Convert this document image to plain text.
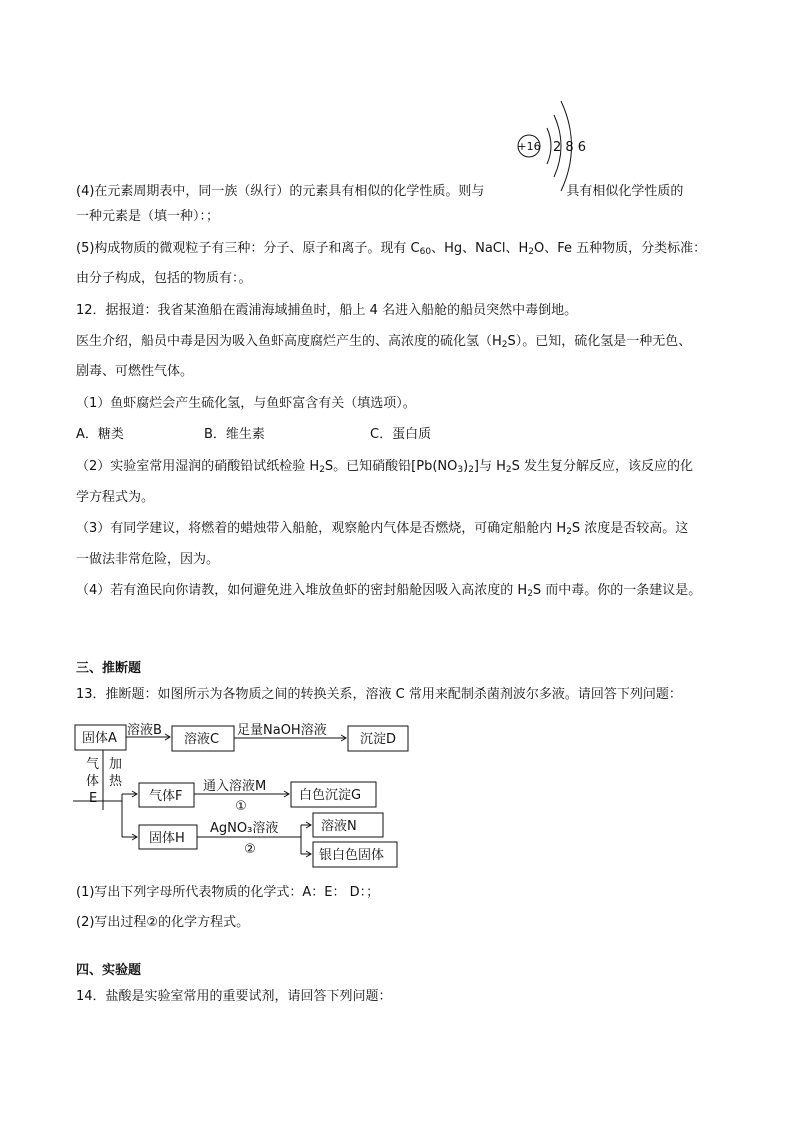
+16 2 8 6
(4)在元素周期表中，同一族（纵行）的元素具有相似的化学性质。则与	具有相似化学性质的
一种元素是（填一种）：；
(5)构成物质的微观粒子有三种：分子、原子和离子。现有 $C_{60}$、Hg、NaCl、$H_2O$、Fe 五种物质，分类标准：
由分子构成，包括的物质有：。
12．据报道：我省某渔船在霞浦海域捕鱼时，船上 4 名进入船舱的船员突然中毒倒地。
医生介绍，船员中毒是因为吸入鱼虾高度腐烂产生的、高浓度的硫化氢$(H_2S)$。已知，硫化氢是一种无色、
剧毒、可燃性气体。
（1）鱼虾腐烂会产生硫化氢，与鱼虾富含有关（填选项）。
A．糖类	B．维生素	C．蛋白质
（2）实验室常用湿润的硝酸铅试纸检验 $H_2S$。已知硝酸铅$[Pb(NO_3)_2]$与 $H_2S$ 发生复分解反应，该反应的化
学方程式为。
（3）有同学建议，将燃着的蜡烛带入船舱，观察舱内气体是否燃烧，可确定船舱内 $H_2S$ 浓度是否较高。这
一做法非常危险，因为。
（4）若有渔民向你请教，如何避免进入堆放鱼虾的密封船舱因吸入高浓度的 $H_2S$ 而中毒。你的一条建议是。
三、推断题
13．推断题：如图所示为各物质之间的转换关系，溶液 C 常用来配制杀菌剂波尔多液。请回答下列问题：
固体A
溶液B
溶液C
足量NaOH溶液
沉淀D
气
体
E
加
热
气体F
通入溶液M
①
白色沉淀G
固体H
AgNO₃溶液
②
溶液N
银白色固体
(1)写出下列字母所代表物质的化学式：A：E： D：；
(2)写出过程②的化学方程式。
四、实验题
14．盐酸是实验室常用的重要试剂，请回答下列问题：
